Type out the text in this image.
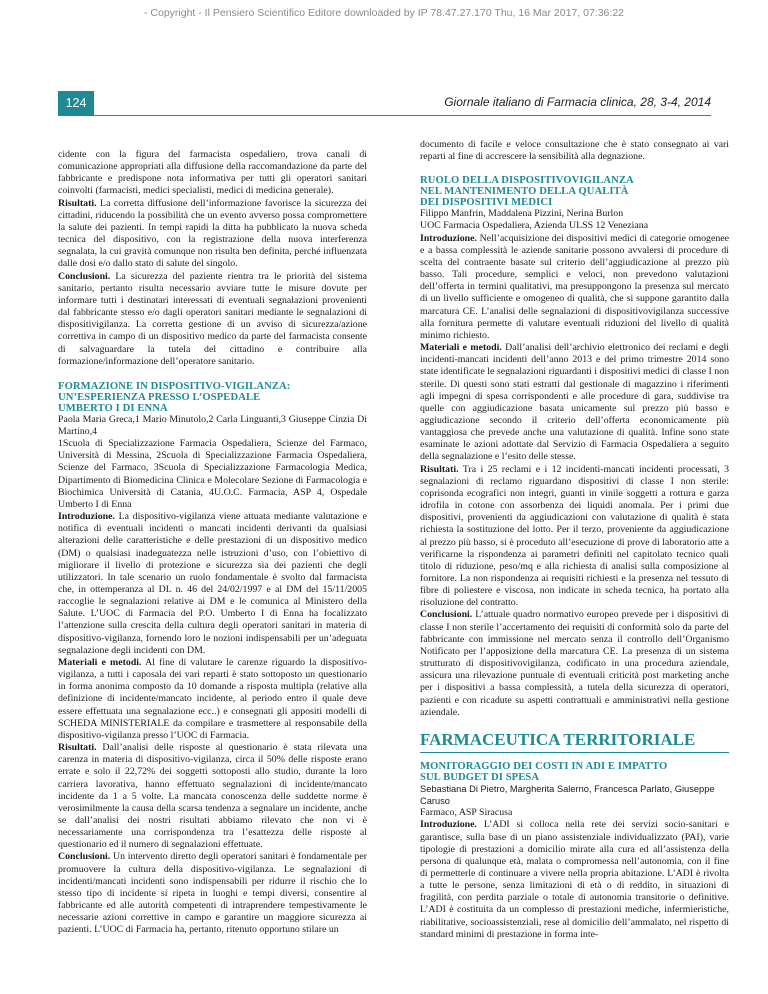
- Copyright - Il Pensiero Scientifico Editore downloaded by IP 78.47.27.170 Thu, 16 Mar 2017, 07:36:22
124	Giornale italiano di Farmacia clinica, 28, 3-4, 2014

cidente con la figura del farmacista ospedaliero, trova canali di comunicazione appropriati alla diffusione della raccomandazione da parte del fabbricante e predispone nota informativa per tutti gli operatori sanitari coinvolti (farmacisti, medici specialisti, medici di medicina generale).
Risultati. La corretta diffusione dell’informazione favorisce la sicurezza dei cittadini, riducendo la possibilità che un evento avverso possa compromettere la salute dei pazienti. In tempi rapidi la ditta ha pubblicato la nuova scheda tecnica del dispositivo, con la registrazione della nuova interferenza segnalata, la cui gravità comunque non risulta ben definita, perché influenzata dalle dosi e/o dallo stato di salute del singolo.
Conclusioni. La sicurezza del paziente rientra tra le priorità del sistema sanitario, pertanto risulta necessario avviare tutte le misure dovute per informare tutti i destinatari interessati di eventuali segnalazioni provenienti dal fabbricante stesso e/o dagli operatori sanitari mediante le segnalazioni di dispositivigilanza. La corretta gestione di un avviso di sicurezza/azione correttiva in campo di un dispositivo medico da parte del farmacista consente di salvaguardare la tutela del cittadino e contribuire alla formazione/informazione dell’operatore sanitario.

FORMAZIONE IN DISPOSITIVO-VIGILANZA:
UN’ESPERIENZA PRESSO L’OSPEDALE
UMBERTO I DI ENNA

Paola Maria Greca,1 Mario Minutolo,2 Carla Linguanti,3 Giuseppe Cinzia Di Martino,4

1Scuola di Specializzazione Farmacia Ospedaliera, Scienze del Farmaco, Università di Messina, 2Scuola di Specializzazione Farmacia Ospedaliera, Scienze del Farmaco, 3Scuola di Specializzazione Farmacologia Medica, Dipartimento di Biomedicina Clinica e Molecolare Sezione di Farmacologia e Biochimica Università di Catania, 4U.O.C. Farmacia, ASP 4, Ospedale Umberto I di Enna

Introduzione. La dispositivo-vigilanza viene attuata mediante valutazione e notifica di eventuali incidenti o mancati incidenti derivanti da qualsiasi alterazioni delle caratteristiche e delle prestazioni di un dispositivo medico (DM) o qualsiasi inadeguatezza nelle istruzioni d’uso, con l’obiettivo di migliorare il livello di protezione e sicurezza sia dei pazienti che degli utilizzatori. In tale scenario un ruolo fondamentale è svolto dal farmacista che, in ottemperanza al DL n. 46 del 24/02/1997 e al DM del 15/11/2005 raccoglie le segnalazioni relative ai DM e le comunica al Ministero della Salute. L’UOC di Farmacia del P.O. Umberto I di Enna ha focalizzato l’attenzione sulla crescita della cultura degli operatori sanitari in materia di dispositivo-vigilanza, fornendo loro le nozioni indispensabili per un’adeguata segnalazione degli incidenti con DM.
Materiali e metodi. Al fine di valutare le carenze riguardo la dispositivo-vigilanza, a tutti i caposala dei vari reparti è stato sottoposto un questionario in forma anonima composto da 10 domande a risposta multipla (relative alla definizione di incidente/mancato incidente, al periodo entro il quale deve essere effettuata una segnalazione ecc..) e consegnati gli appositi modelli di SCHEDA MINISTERIALE da compilare e trasmettere al responsabile della dispositivo-vigilanza presso l’UOC di Farmacia.
Risultati. Dall’analisi delle risposte al questionario è stata rilevata una carenza in materia di dispositivo-vigilanza, circa il 50% delle risposte erano errate e solo il 22,72% dei soggetti sottoposti allo studio, durante la loro carriera lavorativa, hanno effettuato segnalazioni di incidente/mancato incidente da 1 a 5 volte. La mancata conoscenza delle suddette norme è verosimilmente la causa della scarsa tendenza a segnalare un incidente, anche se dall’analisi dei nostri risultati abbiamo rilevato che non vi è necessariamente una corrispondenza tra l’esattezza delle risposte al questionario ed il numero di segnalazioni effettuate.
Conclusioni. Un intervento diretto degli operatori sanitari è fondamentale per promuovere la cultura della dispositivo-vigilanza. Le segnalazioni di incidenti/mancati incidenti sono indispensabili per ridurre il rischio che lo stesso tipo di incidente si ripeta in luoghi e tempi diversi, consentire al fabbricante ed alle autorità competenti di intraprendere tempestivamente le necessarie azioni correttive in campo e garantire un maggiore sicurezza ai pazienti. L’UOC di Farmacia ha, pertanto, ritenuto opportuno stilare un

documento di facile e veloce consultazione che è stato consegnato ai vari reparti al fine di accrescere la sensibilità alla degnazione.

RUOLO DELLA DISPOSITIVOVIGILANZA
NEL MANTENIMENTO DELLA QUALITÀ
DEI DISPOSITIVI MEDICI

Filippo Manfrin, Maddalena Pizzini, Nerina Burlon

UOC Farmacia Ospedaliera, Azienda ULSS 12 Veneziana

Introduzione. Nell’acquisizione dei dispositivi medici di categorie omogenee e a bassa complessità le aziende sanitarie possono avvalersi di procedure di scelta del contraente basate sul criterio dell’aggiudicazione al prezzo più basso. Tali procedure, semplici e veloci, non prevedono valutazioni dell’offerta in termini qualitativi, ma presuppongono la presenza sul mercato di un livello sufficiente e omogeneo di qualità, che si suppone garantito dalla marcatura CE. L’analisi delle segnalazioni di dispositivovigilanza successive alla fornitura permette di valutare eventuali riduzioni del livello di qualità minimo richiesto.
Materiali e metodi. Dall’analisi dell’archivio elettronico dei reclami e degli incidenti-mancati incidenti dell’anno 2013 e del primo trimestre 2014 sono state identificate le segnalazioni riguardanti i dispositivi medici di classe I non sterile. Di questi sono stati estratti dal gestionale di magazzino i riferimenti agli impegni di spesa corrispondenti e alle procedure di gara, suddivise tra quelle con aggiudicazione basata unicamente sul prezzo più basso e aggiudicazione secondo il criterio dell’offerta economicamente più vantaggiosa che prevede anche una valutazione di qualità. Infine sono state esaminate le azioni adottate dal Servizio di Farmacia Ospedaliera a seguito della segnalazione e l’esito delle stesse.
Risultati. Tra i 25 reclami e i 12 incidenti-mancati incidenti processati, 3 segnalazioni di reclamo riguardano dispositivi di classe I non sterile: coprisonda ecografici non integri, guanti in vinile soggetti a rottura e garza idrofila in cotone con assorbenza dei liquidi anomala. Per i primi due dispositivi, provenienti da aggiudicazioni con valutazione di qualità è stata richiesta la sostituzione del lotto. Per il terzo, proveniente da aggiudicazione al prezzo più basso, si è proceduto all’esecuzione di prove di laboratorio atte a verificarne la rispondenza ai parametri definiti nel capitolato tecnico quali titolo di riduzione, peso/mq e alla richiesta di analisi sulla composizione al fornitore. La non rispondenza ai requisiti richiesti e la presenza nel tessuto di fibre di poliestere e viscosa, non indicate in scheda tecnica, ha portato alla risoluzione del contratto.
Conclusioni. L’attuale quadro normativo europeo prevede per i dispositivi di classe I non sterile l’accertamento dei requisiti di conformità solo da parte del fabbricante con immissione nel mercato senza il controllo dell’Organismo Notificato per l’apposizione della marcatura CE. La presenza di un sistema strutturato di dispositivovigilanza, codificato in una procedura aziendale, assicura una rilevazione puntuale di eventuali criticità post marketing anche per i dispositivi a bassa complessità, a tutela della sicurezza di operatori, pazienti e con ricadute su aspetti contrattuali e amministrativi nella gestione aziendale.

FARMACEUTICA TERRITORIALE

MONITORAGGIO DEI COSTI IN ADI E IMPATTO
SUL BUDGET DI SPESA

Sebastiana Di Pietro, Margherita Salerno, Francesca Parlato, Giuseppe Caruso

Farmaco, ASP Siracusa

Introduzione. L’ADI si colloca nella rete dei servizi socio-sanitari e garantisce, sulla base di un piano assistenziale individualizzato (PAI), varie tipologie di prestazioni a domicilio mirate alla cura ed all’assistenza della persona di qualunque età, malata o compromessa nell’autonomia, con il fine di permetterle di continuare a vivere nella propria abitazione. L’ADI è rivolta a tutte le persone, senza limitazioni di età o di reddito, in situazioni di fragilità, con perdita parziale o totale di autonomia transitorie o definitive. L’ADI è costituita da un complesso di prestazioni mediche, infermieristiche, riabilitative, socioassistenziali, rese al domicilio dell’ammalato, nel rispetto di standard minimi di prestazione in forma inte-
